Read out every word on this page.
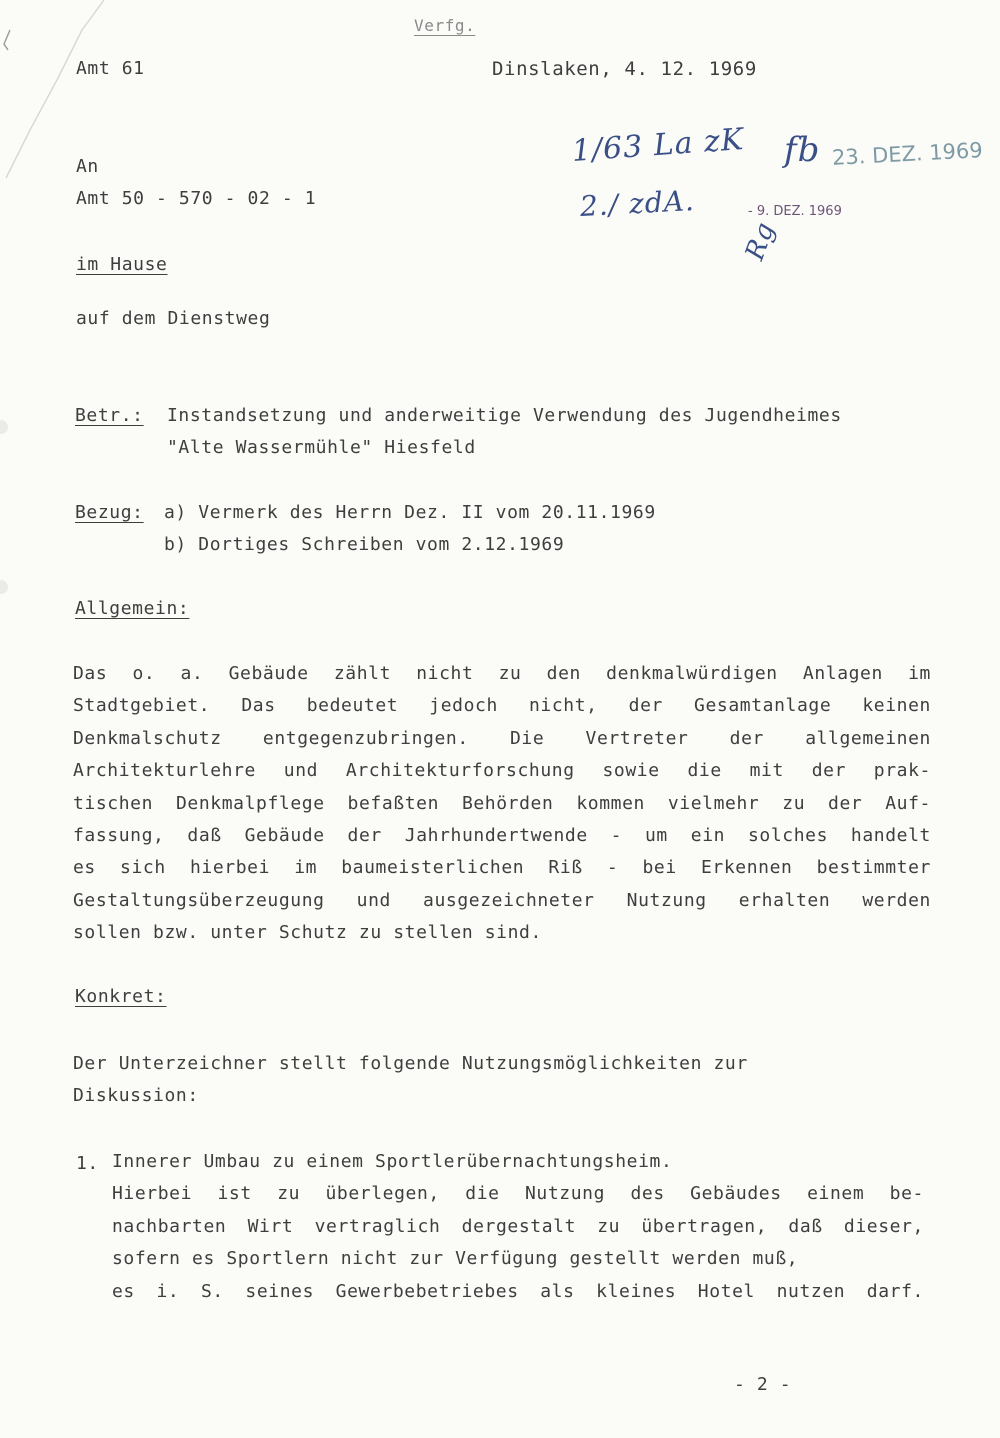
Verfg.
Amt 61	Dinslaken, 4. 12. 1969
An
Amt 50 - 570 - 02 - 1
im Hause
auf dem Dienstweg
1/63 La zK fb
2./ zdA.
Rg
23. DEZ. 1969
- 9. DEZ. 1969
Betr.: Instandsetzung und anderweitige Verwendung des Jugendheimes
"Alte Wassermühle" Hiesfeld
Bezug: a) Vermerk des Herrn Dez. II vom 20.11.1969
b) Dortiges Schreiben vom 2.12.1969
Allgemein:
Das o. a. Gebäude zählt nicht zu den denkmalwürdigen Anlagen im
Stadtgebiet. Das bedeutet jedoch nicht, der Gesamtanlage keinen
Denkmalschutz entgegenzubringen. Die Vertreter der allgemeinen
Architekturlehre und Architekturforschung sowie die mit der prak-
tischen Denkmalpflege befaßten Behörden kommen vielmehr zu der Auf-
fassung, daß Gebäude der Jahrhundertwende - um ein solches handelt
es sich hierbei im baumeisterlichen Riß - bei Erkennen bestimmter
Gestaltungsüberzeugung und ausgezeichneter Nutzung erhalten werden
sollen bzw. unter Schutz zu stellen sind.
Konkret:
Der Unterzeichner stellt folgende Nutzungsmöglichkeiten zur
Diskussion:
1. Innerer Umbau zu einem Sportlerübernachtungsheim.
Hierbei ist zu überlegen, die Nutzung des Gebäudes einem be-
nachbarten Wirt vertraglich dergestalt zu übertragen, daß dieser,
sofern es Sportlern nicht zur Verfügung gestellt werden muß,
es i. S. seines Gewerbebetriebes als kleines Hotel nutzen darf.
- 2 -
